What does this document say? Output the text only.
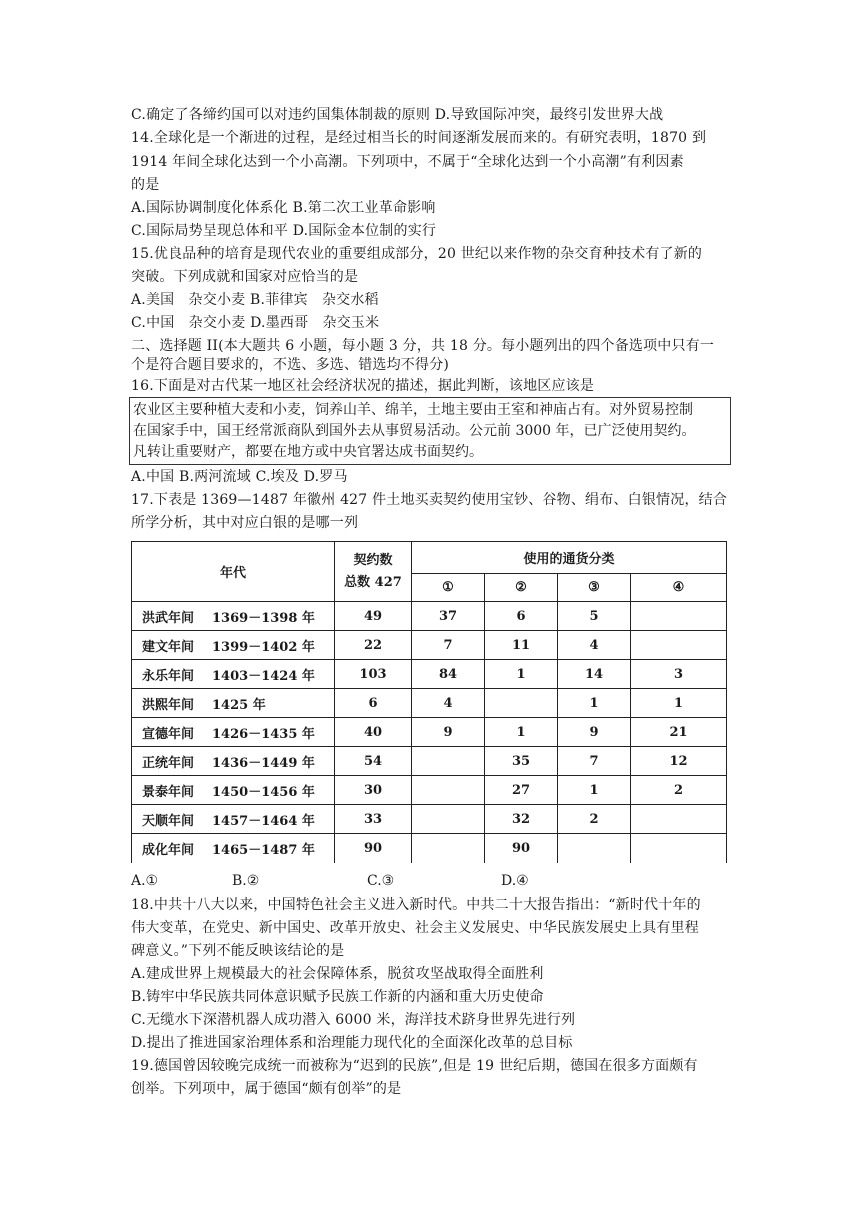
C.确定了各缔约国可以对违约国集体制裁的原则 D.导致国际冲突，最终引发世界大战
14.全球化是一个渐进的过程，是经过相当长的时间逐渐发展而来的。有研究表明，1870 到
1914 年间全球化达到一个小高潮。下列项中，不属于“全球化达到一个小高潮”有利因素
的是
A.国际协调制度化体系化 B.第二次工业革命影响
C.国际局势呈现总体和平 D.国际金本位制的实行
15.优良品种的培育是现代农业的重要组成部分，20 世纪以来作物的杂交育种技术有了新的
突破。下列成就和国家对应恰当的是
A.美国　杂交小麦 B.菲律宾　杂交水稻
C.中国　杂交小麦 D.墨西哥　杂交玉米
二、选择题 II(本大题共 6 小题，每小题 3 分，共 18 分。每小题列出的四个备选项中只有一
个是符合题目要求的，不选、多选、错选均不得分)
16.下面是对古代某一地区社会经济状况的描述，据此判断，该地区应该是
农业区主要种植大麦和小麦，饲养山羊、绵羊，土地主要由王室和神庙占有。对外贸易控制
在国家手中，国王经常派商队到国外去从事贸易活动。公元前 3000 年，已广泛使用契约。
凡转让重要财产，都要在地方或中央官署达成书面契约。
A.中国 B.两河流域 C.埃及 D.罗马
17.下表是 1369—1487 年徽州 427 件土地买卖契约使用宝钞、谷物、绢布、白银情况，结合
所学分析，其中对应白银的是哪一列
年代	契约数
总数 427	使用的通货分类			
		①	②	③	④
洪武年间 1369－1398 年	49	37	6	5	
建文年间 1399－1402 年	22	7	11	4	
永乐年间 1403－1424 年	103	84	1	14	3
洪熙年间 1425 年	6	4		1	1
宣德年间 1426－1435 年	40	9	1	9	21
正统年间 1436－1449 年	54		35	7	12
景泰年间 1450－1456 年	30		27	1	2
天顺年间 1457－1464 年	33		32	2	
成化年间 1465－1487 年	90		90		
A.①	B.②	C.③	D.④
18.中共十八大以来，中国特色社会主义进入新时代。中共二十大报告指出：“新时代十年的
伟大变革，在党史、新中国史、改革开放史、社会主义发展史、中华民族发展史上具有里程
碑意义。”下列不能反映该结论的是
A.建成世界上规模最大的社会保障体系，脱贫攻坚战取得全面胜利
B.铸牢中华民族共同体意识赋予民族工作新的内涵和重大历史使命
C.无缆水下深潜机器人成功潜入 6000 米，海洋技术跻身世界先进行列
D.提出了推进国家治理体系和治理能力现代化的全面深化改革的总目标
19.德国曾因较晚完成统一而被称为“迟到的民族”,但是 19 世纪后期，德国在很多方面颇有
创举。下列项中，属于德国“颇有创举”的是
